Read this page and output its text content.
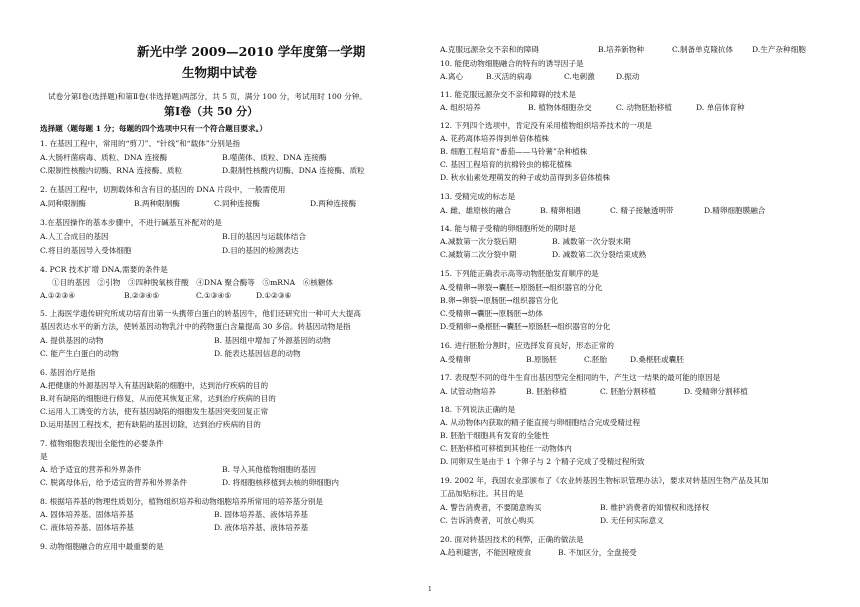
新光中学 2009—2010 学年度第一学期
生物期中试卷
试卷分第Ⅰ卷(选择题)和第Ⅱ卷(非选择题)两部分，共 5 页，满分 100 分，考试用时 100 分钟。
第Ⅰ卷（共 50 分）
选择题（题每题 1 分；每题的四个选项中只有一个符合题目要求。）
1. 在基因工程中，常用的“剪刀”、“针线”和“载体”分别是指
A.大肠杆菌病毒、质粒、DNA 连接酶	B.噬菌体、质粒、DNA 连接酶
C.限制性核酸内切酶、RNA 连接酶、质粒	D.限制性核酸内切酶、DNA 连接酶、质粒
2. 在基因工程中，切割载体和含有目的基因的 DNA 片段中，一般需使用
A.同种限制酶	B.两种限制酶	C.同种连接酶	D.两种连接酶
3.在基因操作的基本步骤中，不进行碱基互补配对的是
A.人工合成目的基因	B.目的基因与运载体结合
C.将目的基因导入受体细胞	D.目的基因的检测表达
4. PCR 技术扩增 DNA,需要的条件是
①目的基因　②引物　③四种脱氧核苷酸　④DNA 聚合酶等　⑤mRNA　⑥核糖体
A.①②③④	B.②③④⑤	C.①③④⑤	D.①②③⑥
5. 上海医学遗传研究所成功培育出第一头携带白蛋白的转基因牛，他们还研究出一种可大大提高
基因表达水平的新方法，使转基因动物乳汁中的药物蛋白含量提高 30 多倍。转基因动物是指
A. 提供基因的动物	B. 基因组中增加了外源基因的动物
C. 能产生白蛋白的动物	D. 能表达基因信息的动物
6. 基因治疗是指
A.把健康的外源基因导入有基因缺陷的细胞中，达到治疗疾病的目的
B.对有缺陷的细胞进行修复，从而使其恢复正常，达到治疗疾病的目的
C.运用人工诱变的方法，使有基因缺陷的细胞发生基因突变回复正常
D.运用基因工程技术，把有缺陷的基因切除，达到治疗疾病的目的
7. 植物细胞表现出全能性的必要条件
是
A. 给予适宜的营养和外界条件	B. 导入其他植物细胞的基因
C. 脱离母体后，给予适宜的营养和外界条件	D. 将细胞核移植到去核的卵细胞内
8. 根据培养基的物理性质划分，植物组织培养和动物细胞培养所常用的培养基分别是
A. 固体培养基、固体培养基	B. 固体培养基、液体培养基
C. 液体培养基、固体培养基	D. 液体培养基、液体培养基
9. 动物细胞融合的应用中最重要的是
A.克服远源杂交不亲和的障碍	B.培养新物种	C.制备单克隆抗体 D.生产杂种细胞
10. 能使动物细胞融合的特有的诱导因子是
A.离心	B.灭活的病毒	C.电刺激	D.振动
11. 能克服远源杂交不亲和障碍的技术是
A. 组织培养	B. 植物体细胞杂交	C. 动物胚胎移植	D. 单倍体育种
12. 下列四个选项中，肯定没有采用植物组织培养技术的一项是
A. 花药离体培养得到单倍体植株
B. 细胞工程培育“番茄——马铃薯”杂种植株
C. 基因工程培育的抗棉铃虫的棉花植株
D. 秋水仙素处理萌发的种子或幼苗得到多倍体植株
13. 受精完成的标志是
A. 雌、雄原核的融合	B. 精卵相遇	C. 精子接触透明带	D.精卵细胞膜融合
14. 能与精子受精的卵细胞所处的期时是
A.减数第一次分裂后期	B. 减数第一次分裂末期
C.减数第二次分裂中期	D. 减数第二次分裂结束成熟
15. 下列能正确表示高等动物胚胎发育顺序的是
A.受精卵→卵裂→囊胚→原肠胚→组织器官的分化
B.卵→卵裂→原肠胚→组织器官分化
C.受精卵→囊胚→原肠胚→幼体
D.受精卵→桑椹胚→囊胚→原肠胚→组织器官的分化
16. 进行胚胎分割时，应选择发育良好，形态正常的
A.受精卵	B.原肠胚	C.胚胎	D.桑椹胚或囊胚
17. 表现型不同的母牛生育出基因型完全相同的牛，产生这一结果的最可能的原因是
A. 试管动物培养	B. 胚胎移植	C. 胚胎分割移植	D. 受精卵分割移植
18. 下列说法正确的是
A. 从动物体内获取的精子能直接与卵细胞结合完成受精过程
B. 胚胎干细胞具有发育的全能性
C. 胚胎移植可移植到其他任一动物体内
D. 同卵双生是由于 1 个卵子与 2 个精子完成了受精过程所致
19. 2002 年，我国农业部颁布了《农业转基因生物标识管理办法》，要求对转基因生物产品及其加
工品加贴标注。其目的是
A. 警告消费者，不要随意购买	B. 维护消费者的知情权和选择权
C. 告诉消费者，可放心购买	D. 无任何实际意义
20. 面对转基因技术的利弊，正确的做法是
A.趋利避害，不能因噎废食	B. 不加区分，全盘接受
1
